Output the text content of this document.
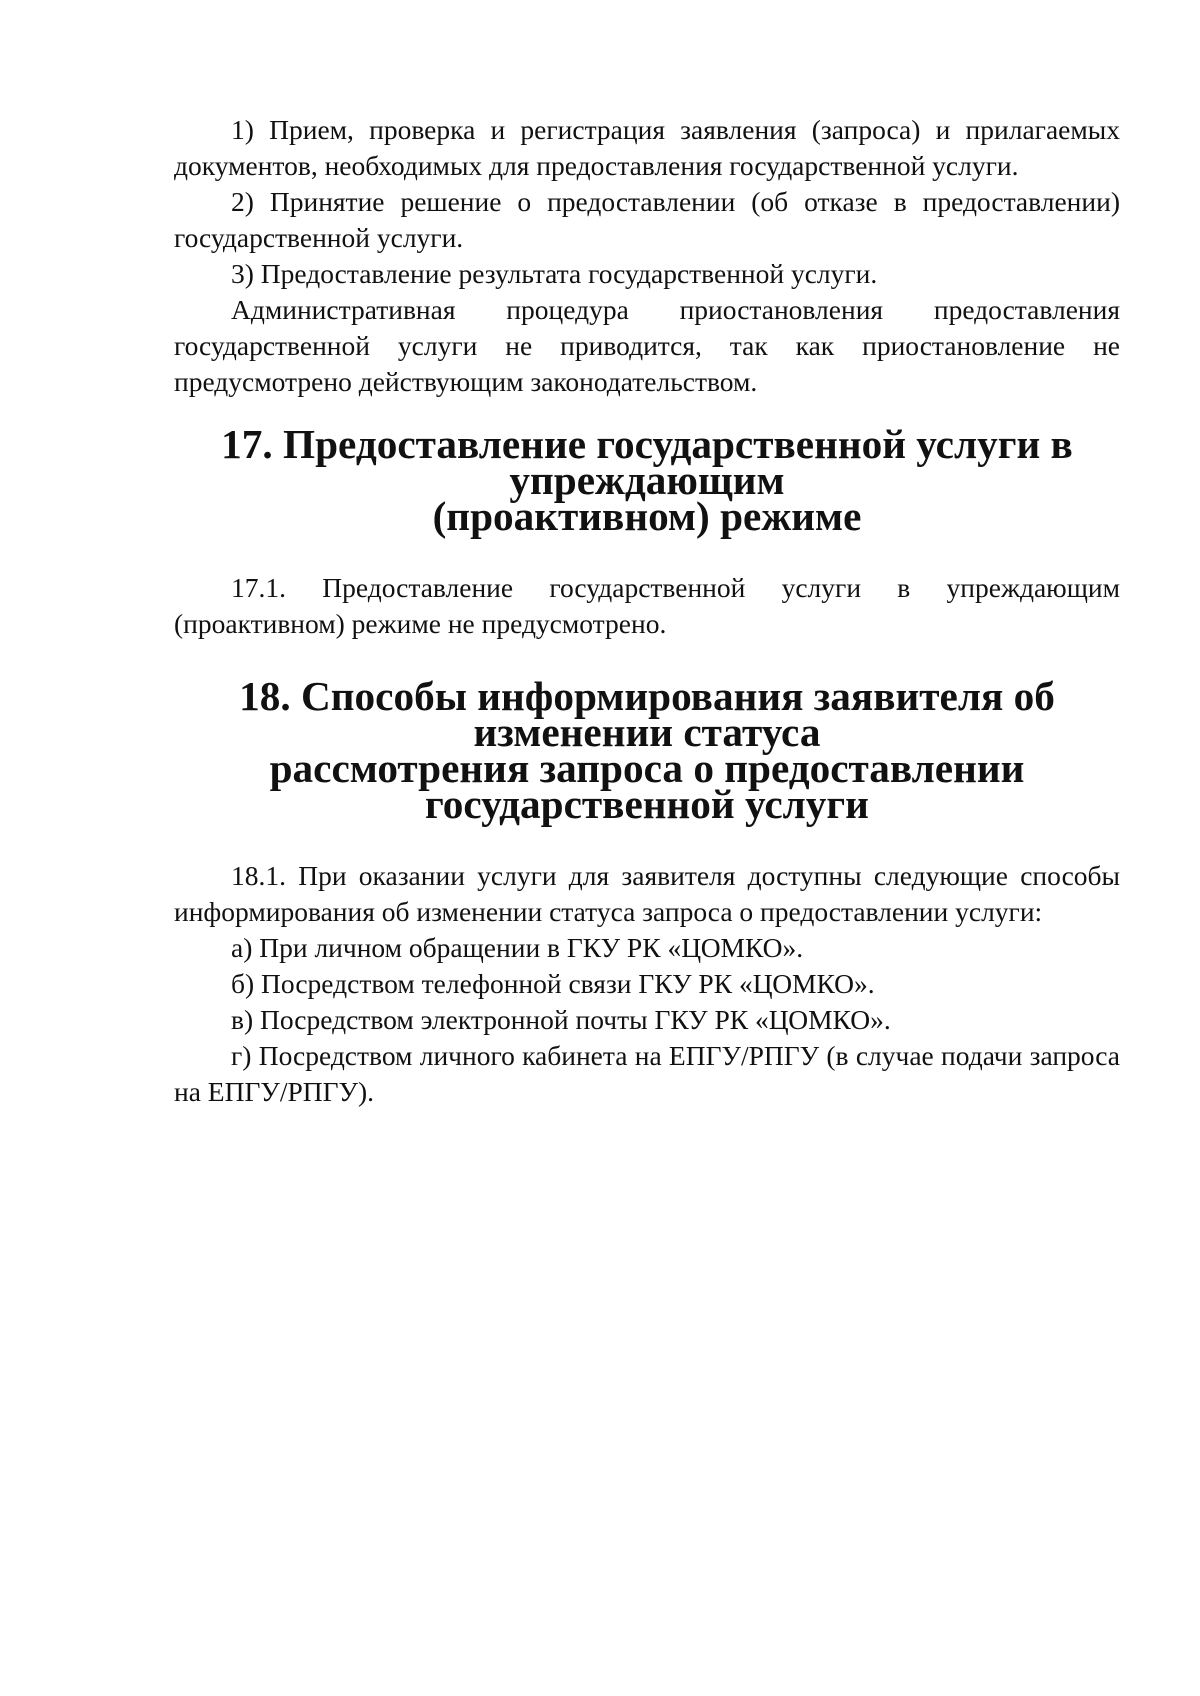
1) Прием, проверка и регистрация заявления (запроса) и прилагаемых документов, необходимых для предоставления государственной услуги.

2) Принятие решение о предоставлении (об отказе в предоставлении) государственной услуги.

3) Предоставление результата государственной услуги.

Административная процедура приостановления предоставления государственной услуги не приводится, так как приостановление не предусмотрено действующим законодательством.

17. Предоставление государственной услуги в упреждающим
(проактивном) режиме

17.1. Предоставление государственной услуги в упреждающим (проактивном) режиме не предусмотрено.

18. Способы информирования заявителя об изменении статуса
рассмотрения запроса о предоставлении государственной услуги

18.1. При оказании услуги для заявителя доступны следующие способы информирования об изменении статуса запроса о предоставлении услуги:

а) При личном обращении в ГКУ РК «ЦОМКО».

б) Посредством телефонной связи ГКУ РК «ЦОМКО».

в) Посредством электронной почты ГКУ РК «ЦОМКО».

г) Посредством личного кабинета на ЕПГУ/РПГУ (в случае подачи запроса на ЕПГУ/РПГУ).
